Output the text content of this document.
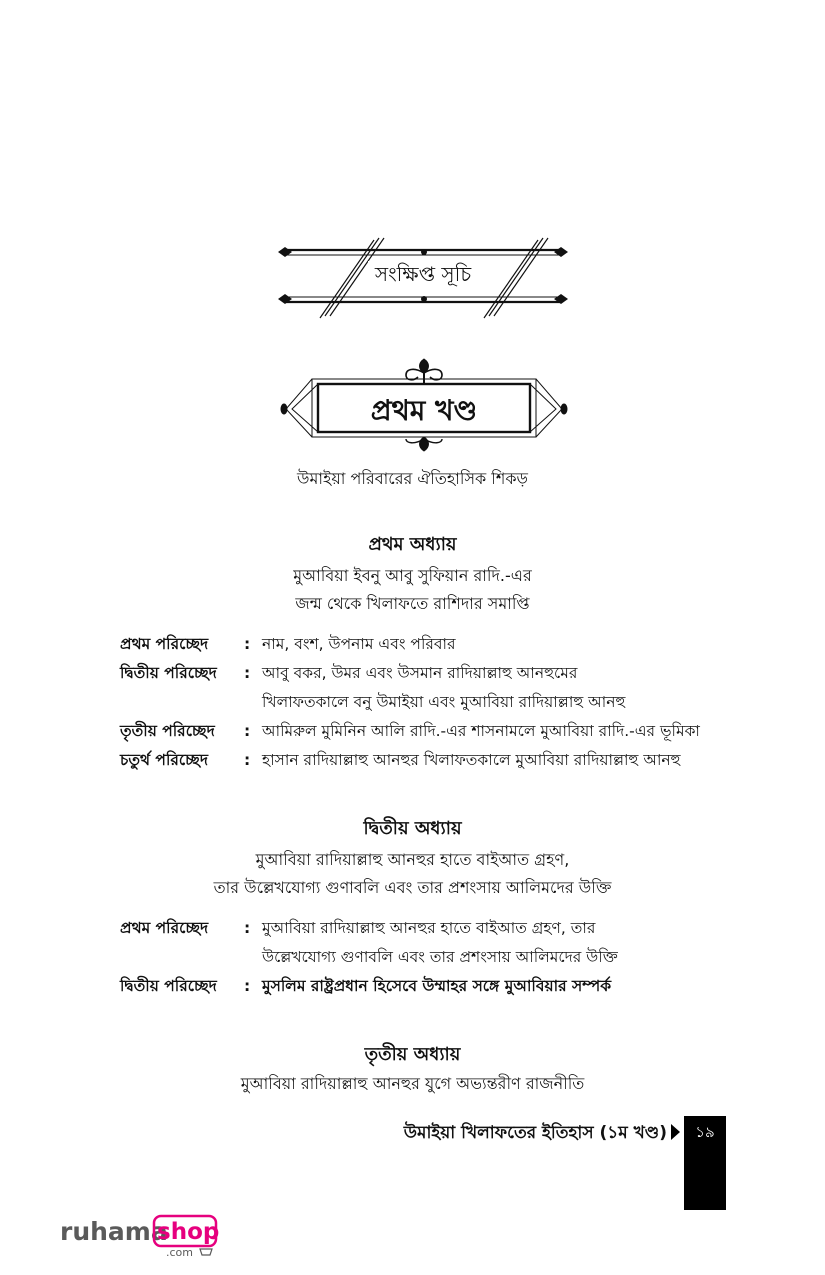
সংক্ষিপ্ত সূচি
প্রথম খণ্ড
উমাইয়া পরিবারের ঐতিহাসিক শিকড়
প্রথম অধ্যায়
মুআবিয়া ইবনু আবু সুফিয়ান রাদি.-এর
জন্ম থেকে খিলাফতে রাশিদার সমাপ্তি
প্রথম পরিচ্ছেদ	: নাম, বংশ, উপনাম এবং পরিবার
দ্বিতীয় পরিচ্ছেদ	: আবু বকর, উমর এবং উসমান রাদিয়াল্লাহু আনহুমের
খিলাফতকালে বনু উমাইয়া এবং মুআবিয়া রাদিয়াল্লাহু আনহু
তৃতীয় পরিচ্ছেদ	: আমিরুল মুমিনিন আলি রাদি.-এর শাসনামলে মুআবিয়া রাদি.-এর ভূমিকা
চতুর্থ পরিচ্ছেদ	: হাসান রাদিয়াল্লাহু আনহুর খিলাফতকালে মুআবিয়া রাদিয়াল্লাহু আনহু
দ্বিতীয় অধ্যায়
মুআবিয়া রাদিয়াল্লাহু আনহুর হাতে বাইআত গ্রহণ,
তার উল্লেখযোগ্য গুণাবলি এবং তার প্রশংসায় আলিমদের উক্তি
প্রথম পরিচ্ছেদ	: মুআবিয়া রাদিয়াল্লাহু আনহুর হাতে বাইআত গ্রহণ, তার
উল্লেখযোগ্য গুণাবলি এবং তার প্রশংসায় আলিমদের উক্তি
দ্বিতীয় পরিচ্ছেদ	: মুসলিম রাষ্ট্রপ্রধান হিসেবে উম্মাহর সঙ্গে মুআবিয়ার সম্পর্ক
তৃতীয় অধ্যায়
মুআবিয়া রাদিয়াল্লাহু আনহুর যুগে অভ্যন্তরীণ রাজনীতি
উমাইয়া খিলাফতের ইতিহাস (১ম খণ্ড)	১৯
ruhama
shop
.com
